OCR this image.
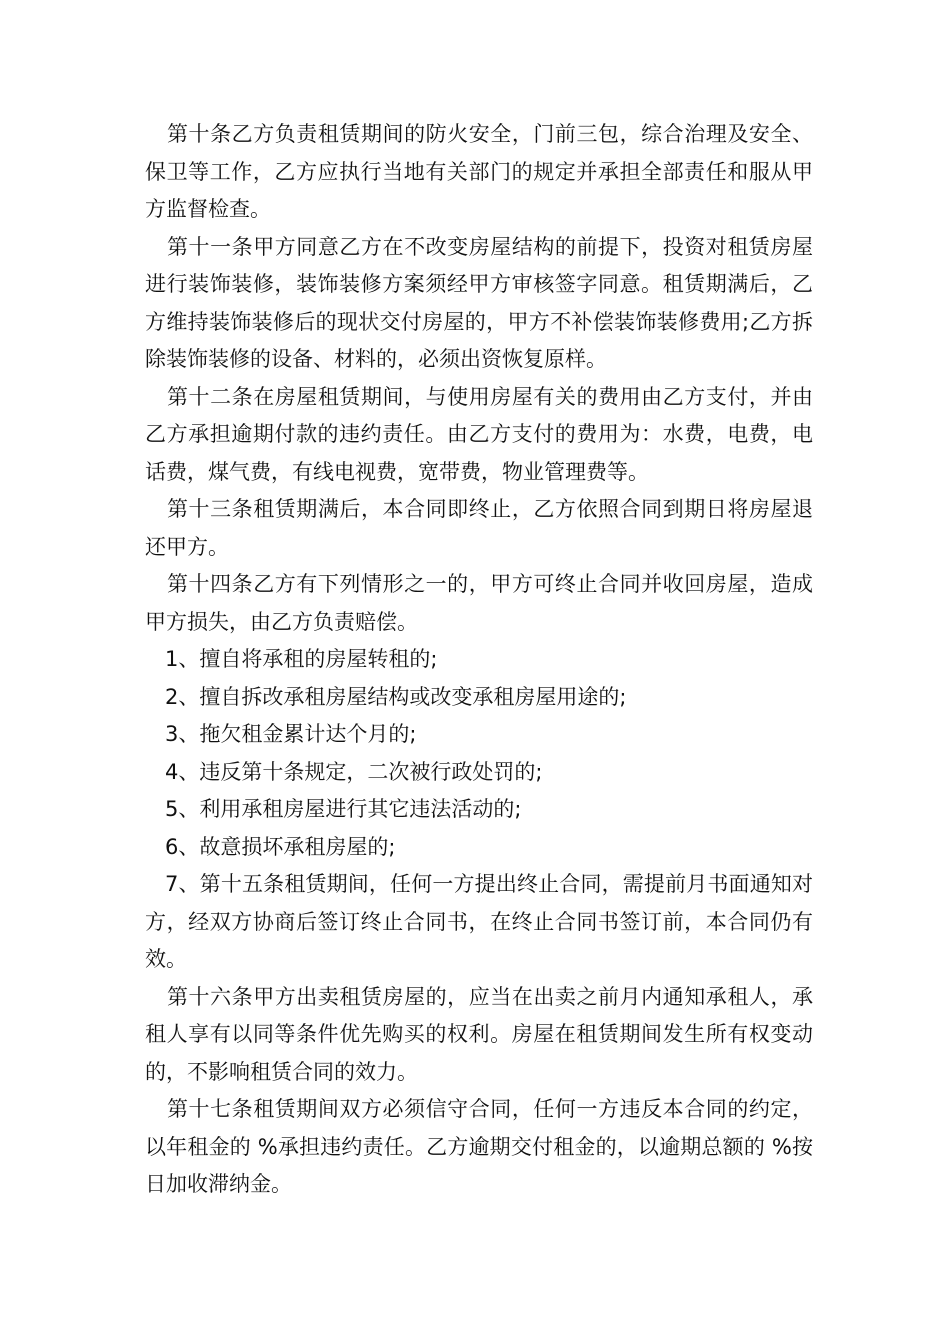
第十条乙方负责租赁期间的防火安全，门前三包，综合治理及安全、保卫等工作，乙方应执行当地有关部门的规定并承担全部责任和服从甲方监督检查。

第十一条甲方同意乙方在不改变房屋结构的前提下，投资对租赁房屋进行装饰装修，装饰装修方案须经甲方审核签字同意。租赁期满后，乙方维持装饰装修后的现状交付房屋的，甲方不补偿装饰装修费用;乙方拆除装饰装修的设备、材料的，必须出资恢复原样。

第十二条在房屋租赁期间，与使用房屋有关的费用由乙方支付，并由乙方承担逾期付款的违约责任。由乙方支付的费用为：水费，电费，电话费，煤气费，有线电视费，宽带费，物业管理费等。

第十三条租赁期满后，本合同即终止，乙方依照合同到期日将房屋退还甲方。

第十四条乙方有下列情形之一的，甲方可终止合同并收回房屋，造成甲方损失，由乙方负责赔偿。

1、擅自将承租的房屋转租的;

2、擅自拆改承租房屋结构或改变承租房屋用途的;

3、拖欠租金累计达个月的;

4、违反第十条规定，二次被行政处罚的;

5、利用承租房屋进行其它违法活动的;

6、故意损坏承租房屋的;

7、第十五条租赁期间，任何一方提出终止合同，需提前月书面通知对方，经双方协商后签订终止合同书，在终止合同书签订前，本合同仍有效。

第十六条甲方出卖租赁房屋的，应当在出卖之前月内通知承租人，承租人享有以同等条件优先购买的权利。房屋在租赁期间发生所有权变动的，不影响租赁合同的效力。

第十七条租赁期间双方必须信守合同，任何一方违反本合同的约定，以年租金的 %承担违约责任。乙方逾期交付租金的，以逾期总额的 %按日加收滞纳金。
